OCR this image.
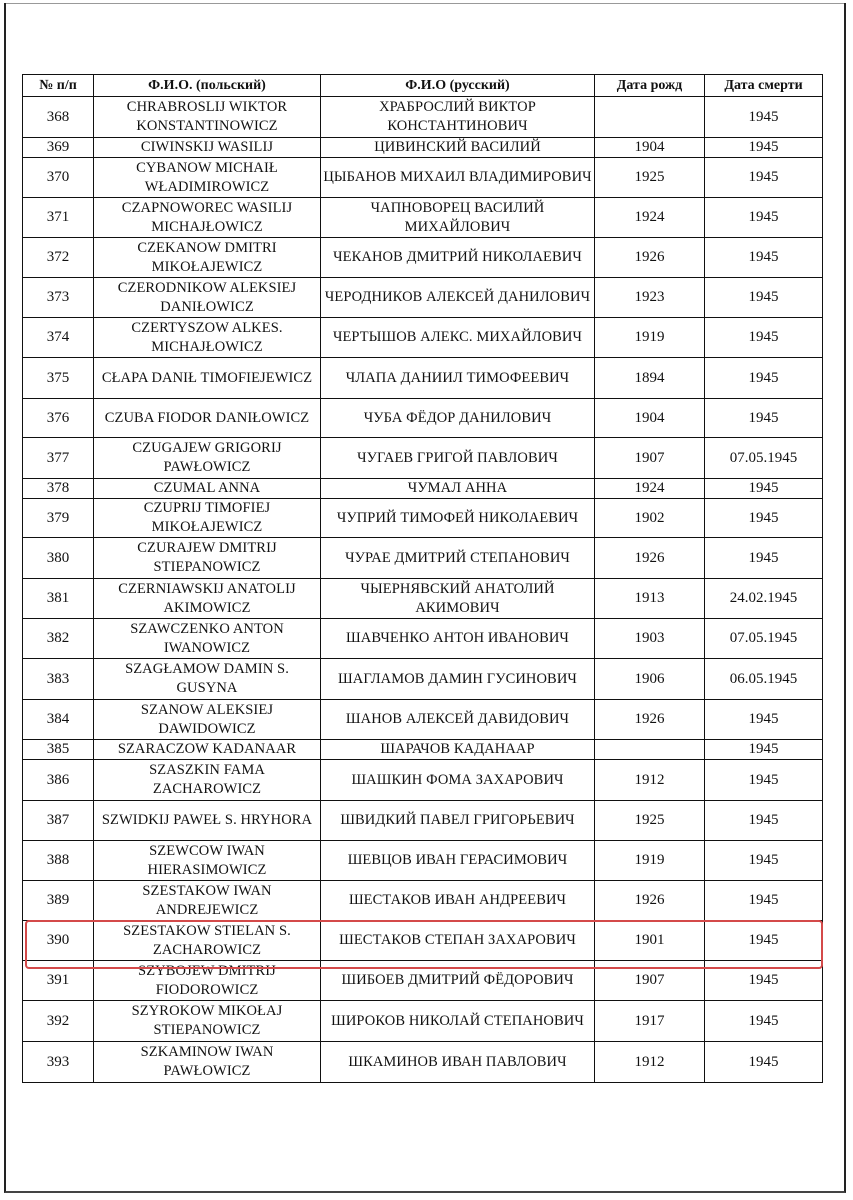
№ п/п	Ф.И.О. (польский)	Ф.И.О (русский)	Дата рожд	Дата смерти
368	CHRABROSLIJ WIKTOR KONSTANTINOWICZ	ХРАБРОСЛИЙ ВИКТОР КОНСТАНТИНОВИЧ		1945
369	CIWINSKIJ WASILIJ	ЦИВИНСКИЙ ВАСИЛИЙ	1904	1945
370	CYBANOW MICHAIŁ WŁADIMIROWICZ	ЦЫБАНОВ МИХАИЛ ВЛАДИМИРОВИЧ	1925	1945
371	CZAPNOWOREC WASILIJ MICHAJŁOWICZ	ЧАПНОВОРЕЦ ВАСИЛИЙ МИХАЙЛОВИЧ	1924	1945
372	CZEKANOW DMITRI MIKOŁAJEWICZ	ЧЕКАНОВ ДМИТРИЙ НИКОЛАЕВИЧ	1926	1945
373	CZERODNIKOW ALEKSIEJ DANIŁOWICZ	ЧЕРОДНИКОВ АЛЕКСЕЙ ДАНИЛОВИЧ	1923	1945
374	CZERTYSZOW ALKES. MICHAJŁOWICZ	ЧЕРТЫШОВ АЛЕКС. МИХАЙЛОВИЧ	1919	1945
375	CŁAPA DANIŁ TIMOFIEJEWICZ	ЧЛАПА ДАНИИЛ ТИМОФЕЕВИЧ	1894	1945
376	CZUBA FIODOR DANIŁOWICZ	ЧУБА ФЁДОР ДАНИЛОВИЧ	1904	1945
377	CZUGAJEW GRIGORIJ PAWŁOWICZ	ЧУГАЕВ ГРИГОЙ ПАВЛОВИЧ	1907	07.05.1945
378	CZUMAL ANNA	ЧУМАЛ АННА	1924	1945
379	CZUPRIJ TIMOFIEJ MIKOŁAJEWICZ	ЧУПРИЙ ТИМОФЕЙ НИКОЛАЕВИЧ	1902	1945
380	CZURAJEW DMITRIJ STIEPANOWICZ	ЧУРАЕ ДМИТРИЙ СТЕПАНОВИЧ	1926	1945
381	CZERNIAWSKIJ ANATOLIJ AKIMOWICZ	ЧЫЕРНЯВСКИЙ АНАТОЛИЙ АКИМОВИЧ	1913	24.02.1945
382	SZAWCZENKO ANTON IWANOWICZ	ШАВЧЕНКО АНТОН ИВАНОВИЧ	1903	07.05.1945
383	SZAGŁAMOW DAMIN S. GUSYNA	ШАГЛАМОВ ДАМИН ГУСИНОВИЧ	1906	06.05.1945
384	SZANOW ALEKSIEJ DAWIDOWICZ	ШАНОВ АЛЕКСЕЙ ДАВИДОВИЧ	1926	1945
385	SZARACZOW KADANAAR	ШАРАЧОВ КАДАНААР		1945
386	SZASZKIN FAMA ZACHAROWICZ	ШАШКИН ФОМА ЗАХАРОВИЧ	1912	1945
387	SZWIDKIJ PAWEŁ S. HRYHORA	ШВИДКИЙ ПАВЕЛ ГРИГОРЬЕВИЧ	1925	1945
388	SZEWCOW IWAN HIERASIMOWICZ	ШЕВЦОВ ИВАН ГЕРАСИМОВИЧ	1919	1945
389	SZESTAKOW IWAN ANDREJEWICZ	ШЕСТАКОВ ИВАН АНДРЕЕВИЧ	1926	1945
390	SZESTAKOW STIELAN S. ZACHAROWICZ	ШЕСТАКОВ СТЕПАН ЗАХАРОВИЧ	1901	1945
391	SZYBOJEW DMITRIJ FIODOROWICZ	ШИБОЕВ ДМИТРИЙ ФЁДОРОВИЧ	1907	1945
392	SZYROKOW MIKOŁAJ STIEPANOWICZ	ШИРОКОВ НИКОЛАЙ СТЕПАНОВИЧ	1917	1945
393	SZKAMINOW IWAN PAWŁOWICZ	ШКАМИНОВ ИВАН ПАВЛОВИЧ	1912	1945
